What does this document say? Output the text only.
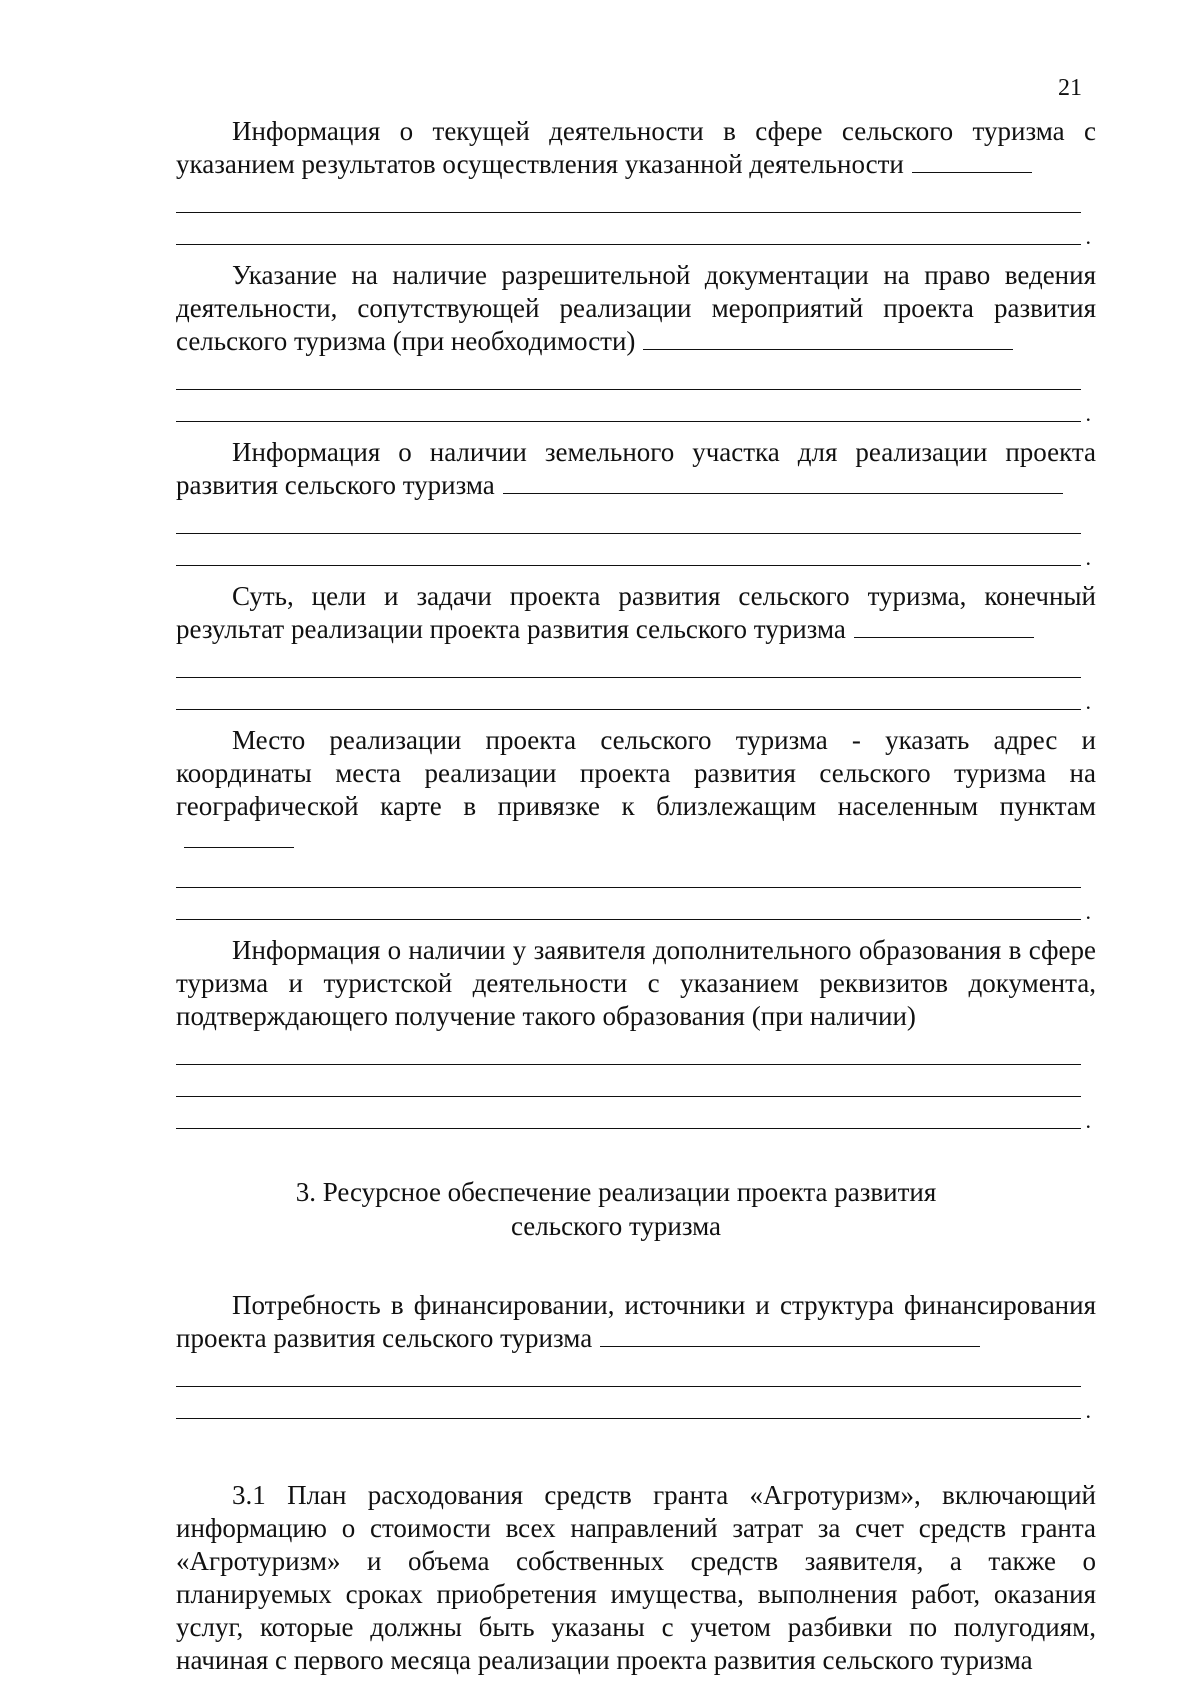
21

Информация о текущей деятельности в сфере сельского туризма с указанием результатов осуществления указанной деятельности

.

Указание на наличие разрешительной документации на право ведения деятельности, сопутствующей реализации мероприятий проекта развития сельского туризма (при необходимости)

.

Информация о наличии земельного участка для реализации проекта развития сельского туризма

.

Суть, цели и задачи проекта развития сельского туризма, конечный результат реализации проекта развития сельского туризма

.

Место реализации проекта сельского туризма - указать адрес и координаты места реализации проекта развития сельского туризма на географической карте в привязке к близлежащим населенным пунктам

.

Информация о наличии у заявителя дополнительного образования в сфере туризма и туристской деятельности с указанием реквизитов документа, подтверждающего получение такого образования (при наличии)

.
3. Ресурсное обеспечение реализации проекта развития
сельского туризма

Потребность в финансировании, источники и структура финансирования проекта развития сельского туризма

.

3.1 План расходования средств гранта «Агротуризм», включающий информацию о стоимости всех направлений затрат за счет средств гранта «Агротуризм» и объема собственных средств заявителя, а также о планируемых сроках приобретения имущества, выполнения работ, оказания услуг, которые должны быть указаны с учетом разбивки по полугодиям, начиная с первого месяца реализации проекта развития сельского туризма
